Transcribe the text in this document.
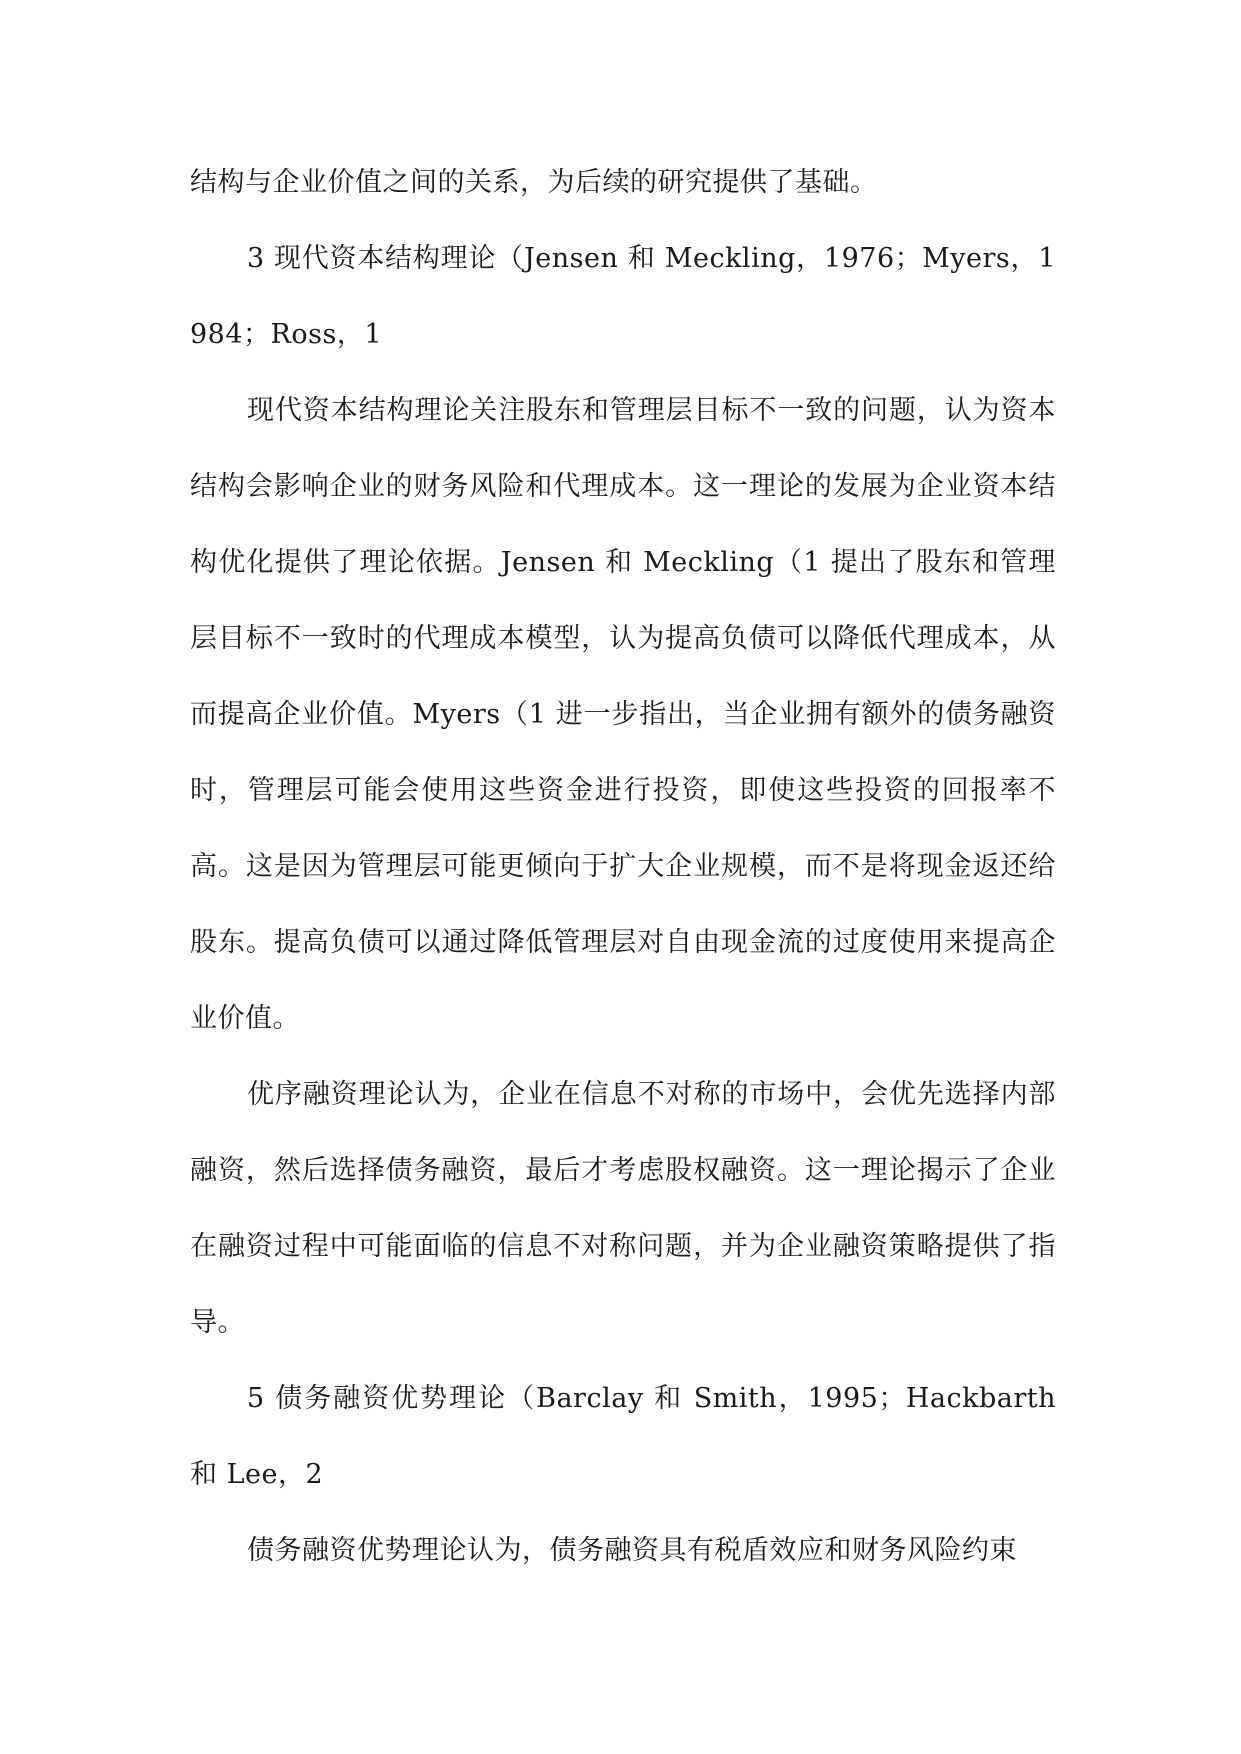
结构与企业价值之间的关系，为后续的研究提供了基础。

3 现代资本结构理论（Jensen 和 Meckling，1976；Myers，1984；Ross，1

现代资本结构理论关注股东和管理层目标不一致的问题，认为资本结构会影响企业的财务风险和代理成本。这一理论的发展为企业资本结构优化提供了理论依据。Jensen 和 Meckling（1 提出了股东和管理层目标不一致时的代理成本模型，认为提高负债可以降低代理成本，从而提高企业价值。Myers（1 进一步指出，当企业拥有额外的债务融资时，管理层可能会使用这些资金进行投资，即使这些投资的回报率不高。这是因为管理层可能更倾向于扩大企业规模，而不是将现金返还给股东。提高负债可以通过降低管理层对自由现金流的过度使用来提高企业价值。

优序融资理论认为，企业在信息不对称的市场中，会优先选择内部融资，然后选择债务融资，最后才考虑股权融资。这一理论揭示了企业在融资过程中可能面临的信息不对称问题，并为企业融资策略提供了指导。

5 债务融资优势理论（Barclay 和 Smith，1995；Hackbarth 和 Lee，2

债务融资优势理论认为，债务融资具有税盾效应和财务风险约束
